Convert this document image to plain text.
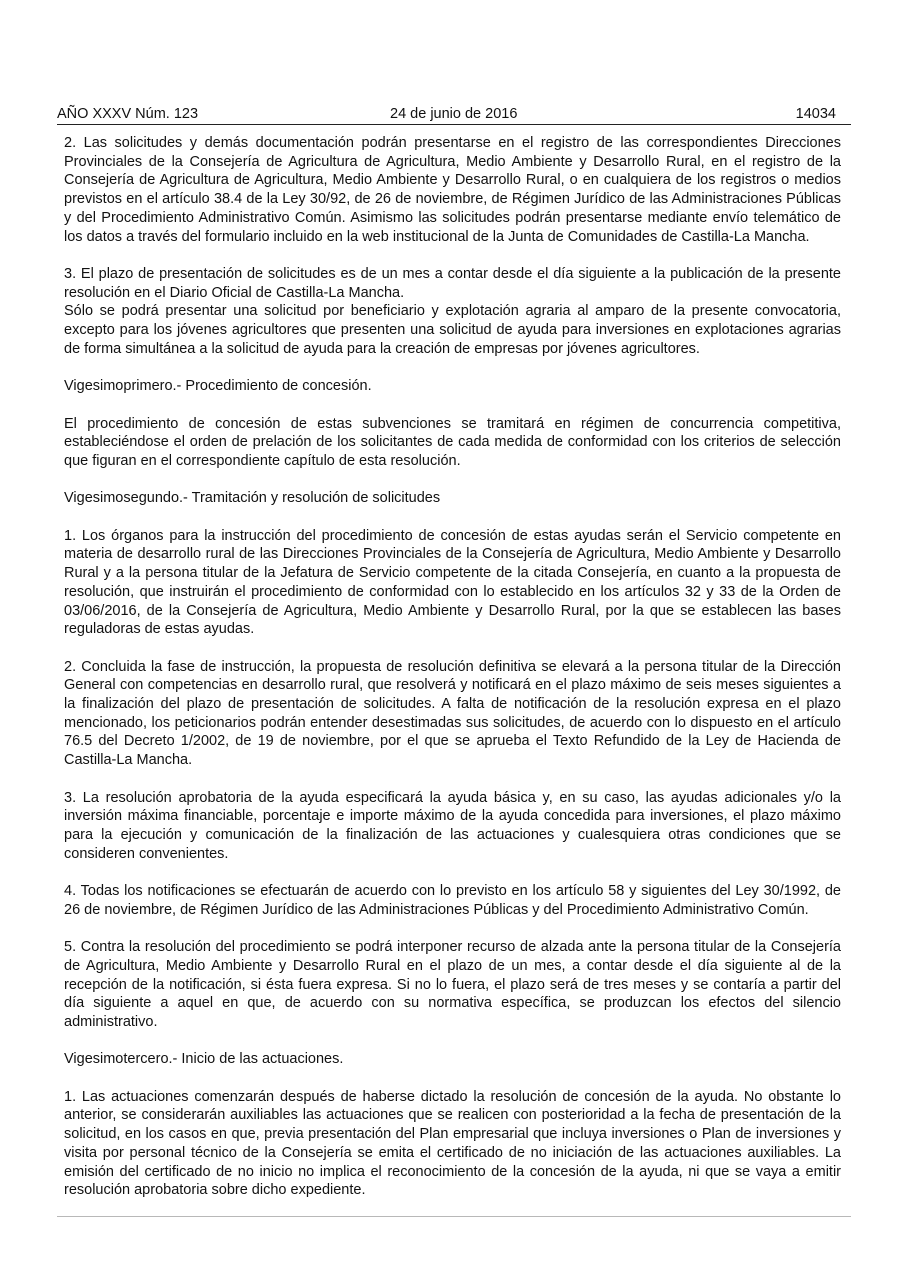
AÑO XXXV Núm. 123	24 de junio de 2016	14034

2. Las solicitudes y demás documentación podrán presentarse en el registro de las correspondientes Direcciones Provinciales de la Consejería de Agricultura de Agricultura, Medio Ambiente y Desarrollo Rural, en el registro de la Consejería de Agricultura de Agricultura, Medio Ambiente y Desarrollo Rural, o en cualquiera de los registros o medios previstos en el artículo 38.4 de la Ley 30/92, de 26 de noviembre, de Régimen Jurídico de las Administraciones Públicas y del Procedimiento Administrativo Común. Asimismo las solicitudes podrán presentarse mediante envío telemático de los datos a través del formulario incluido en la web institucional de la Junta de Comunidades de Castilla-La Mancha.

3. El plazo de presentación de solicitudes es de un mes a contar desde el día siguiente a la publicación de la presente resolución en el Diario Oficial de Castilla-La Mancha.

Sólo se podrá presentar una solicitud por beneficiario y explotación agraria al amparo de la presente convocatoria, excepto para los jóvenes agricultores que presenten una solicitud de ayuda para inversiones en explotaciones agrarias de forma simultánea a la solicitud de ayuda para la creación de empresas por jóvenes agricultores.

Vigesimoprimero.- Procedimiento de concesión.

El procedimiento de concesión de estas subvenciones se tramitará en régimen de concurrencia competitiva, estableciéndose el orden de prelación de los solicitantes de cada medida de conformidad con los criterios de selección que figuran en el correspondiente capítulo de esta resolución.

Vigesimosegundo.- Tramitación y resolución de solicitudes

1. Los órganos para la instrucción del procedimiento de concesión de estas ayudas serán el Servicio competente en materia de desarrollo rural de las Direcciones Provinciales de la Consejería de Agricultura, Medio Ambiente y Desarrollo Rural y a la persona titular de la Jefatura de Servicio competente de la citada Consejería, en cuanto a la propuesta de resolución, que instruirán el procedimiento de conformidad con lo establecido en los artículos 32 y 33 de la Orden de 03/06/2016, de la Consejería de Agricultura, Medio Ambiente y Desarrollo Rural, por la que se establecen las bases reguladoras de estas ayudas.

2. Concluida la fase de instrucción, la propuesta de resolución definitiva se elevará a la persona titular de la Dirección General con competencias en desarrollo rural, que resolverá y notificará en el plazo máximo de seis meses siguientes a la finalización del plazo de presentación de solicitudes. A falta de notificación de la resolución expresa en el plazo mencionado, los peticionarios podrán entender desestimadas sus solicitudes, de acuerdo con lo dispuesto en el artículo 76.5 del Decreto 1/2002, de 19 de noviembre, por el que se aprueba el Texto Refundido de la Ley de Hacienda de Castilla-La Mancha.

3. La resolución aprobatoria de la ayuda especificará la ayuda básica y, en su caso, las ayudas adicionales y/o la inversión máxima financiable, porcentaje e importe máximo de la ayuda concedida para inversiones, el plazo máximo para la ejecución y comunicación de la finalización de las actuaciones y cualesquiera otras condiciones que se consideren convenientes.

4. Todas los notificaciones se efectuarán de acuerdo con lo previsto en los artículo 58 y siguientes del Ley 30/1992, de 26 de noviembre, de Régimen Jurídico de las Administraciones Públicas y del Procedimiento Administrativo Común.

5. Contra la resolución del procedimiento se podrá interponer recurso de alzada ante la persona titular de la Consejería de Agricultura, Medio Ambiente y Desarrollo Rural en el plazo de un mes, a contar desde el día siguiente al de la recepción de la notificación, si ésta fuera expresa. Si no lo fuera, el plazo será de tres meses y se contaría a partir del día siguiente a aquel en que, de acuerdo con su normativa específica, se produzcan los efectos del silencio administrativo.

Vigesimotercero.- Inicio de las actuaciones.

1. Las actuaciones comenzarán después de haberse dictado la resolución de concesión de la ayuda. No obstante lo anterior, se considerarán auxiliables las actuaciones que se realicen con posterioridad a la fecha de presentación de la solicitud, en los casos en que, previa presentación del Plan empresarial que incluya inversiones o Plan de inversiones y visita por personal técnico de la Consejería se emita el certificado de no iniciación de las actuaciones auxiliables. La emisión del certificado de no inicio no implica el reconocimiento de la concesión de la ayuda, ni que se vaya a emitir resolución aprobatoria sobre dicho expediente.
